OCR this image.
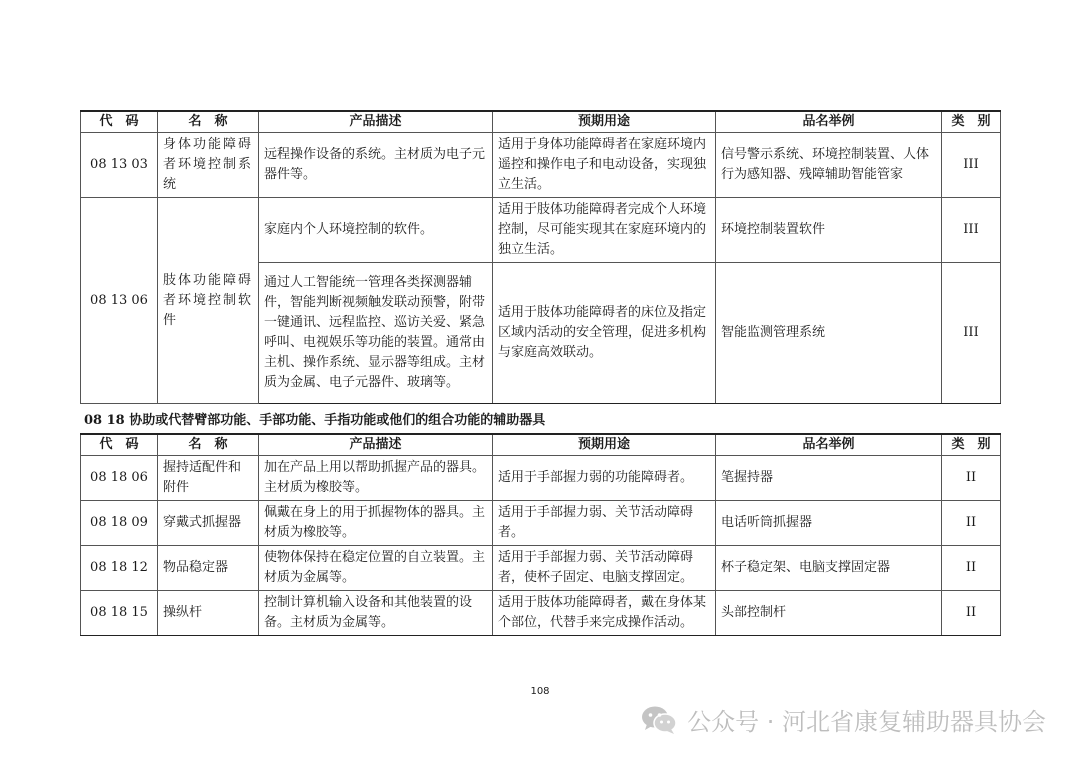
代　码	名　称	产品描述	预期用途	品名举例	类　别
08 13 03	身体功能障碍者环境控制系统	远程操作设备的系统。主材质为电子元器件等。	适用于身体功能障碍者在家庭环境内遥控和操作电子和电动设备，实现独立生活。	信号警示系统、环境控制装置、人体行为感知器、残障辅助智能管家	III
08 13 06	肢体功能障碍者环境控制软件	家庭内个人环境控制的软件。	适用于肢体功能障碍者完成个人环境控制，尽可能实现其在家庭环境内的独立生活。	环境控制装置软件	III
		通过人工智能统一管理各类探测器辅件，智能判断视频触发联动预警，附带一键通讯、远程监控、巡访关爱、紧急呼叫、电视娱乐等功能的装置。通常由主机、操作系统、显示器等组成。主材质为金属、电子元器件、玻璃等。	适用于肢体功能障碍者的床位及指定区域内活动的安全管理，促进多机构与家庭高效联动。	智能监测管理系统	III
08 18 协助或代替臂部功能、手部功能、手指功能或他们的组合功能的辅助器具
代　码	名　称	产品描述	预期用途	品名举例	类　别
08 18 06	握持适配件和附件	加在产品上用以帮助抓握产品的器具。主材质为橡胶等。	适用于手部握力弱的功能障碍者。	笔握持器	II
08 18 09	穿戴式抓握器	佩戴在身上的用于抓握物体的器具。主材质为橡胶等。	适用于手部握力弱、关节活动障碍者。	电话听筒抓握器	II
08 18 12	物品稳定器	使物体保持在稳定位置的自立装置。主材质为金属等。	适用于手部握力弱、关节活动障碍者，使杯子固定、电脑支撑固定。	杯子稳定架、电脑支撑固定器	II
08 18 15	操纵杆	控制计算机输入设备和其他装置的设备。主材质为金属等。	适用于肢体功能障碍者，戴在身体某个部位，代替手来完成操作活动。	头部控制杆	II
108
公众号 · 河北省康复辅助器具协会
